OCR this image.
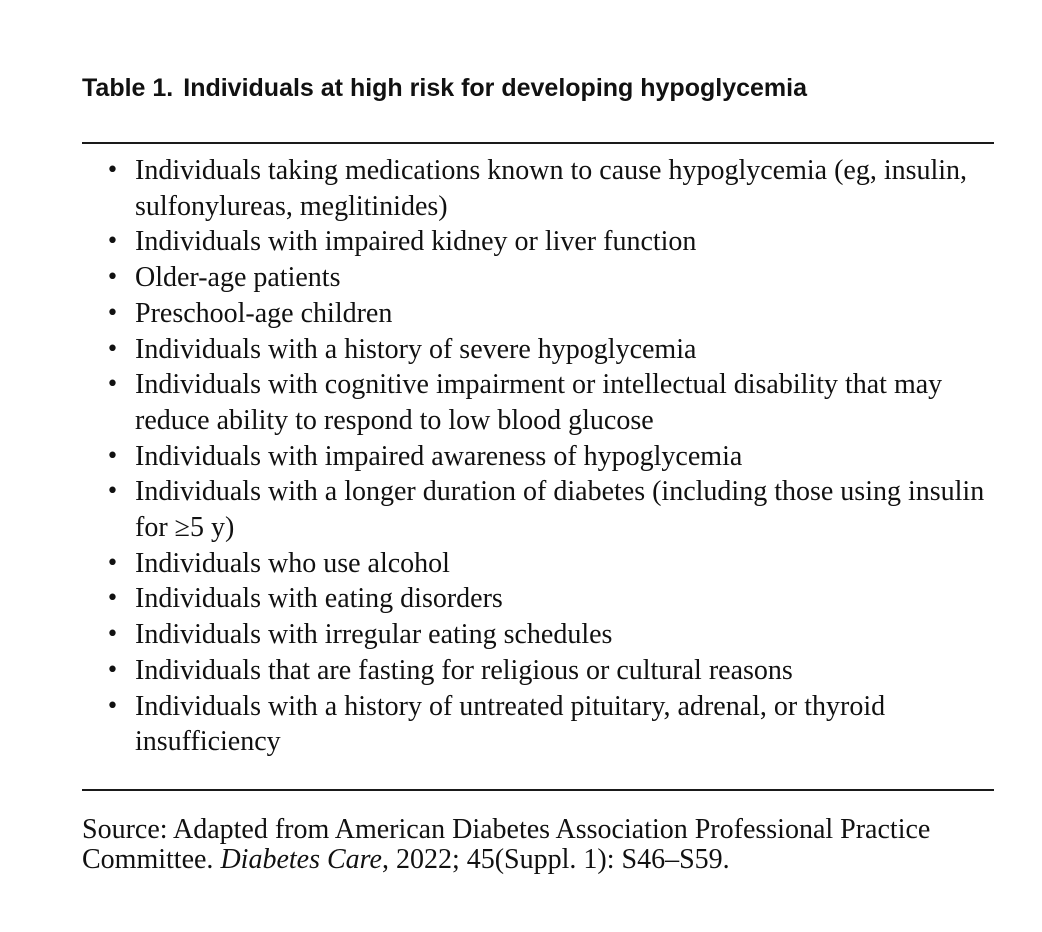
Table 1. Individuals at high risk for developing hypoglycemia
• Individuals taking medications known to cause hypoglycemia (eg, insulin, sulfonylureas, meglitinides)
• Individuals with impaired kidney or liver function
• Older-age patients
• Preschool-age children
• Individuals with a history of severe hypoglycemia
• Individuals with cognitive impairment or intellectual disability that may reduce ability to respond to low blood glucose
• Individuals with impaired awareness of hypoglycemia
• Individuals with a longer duration of diabetes (including those using insulin for ≥5 y)
• Individuals who use alcohol
• Individuals with eating disorders
• Individuals with irregular eating schedules
• Individuals that are fasting for religious or cultural reasons
• Individuals with a history of untreated pituitary, adrenal, or thyroid insufficiency

Source: Adapted from American Diabetes Association Professional Practice Committee. Diabetes Care, 2022; 45(Suppl. 1): S46–S59.
